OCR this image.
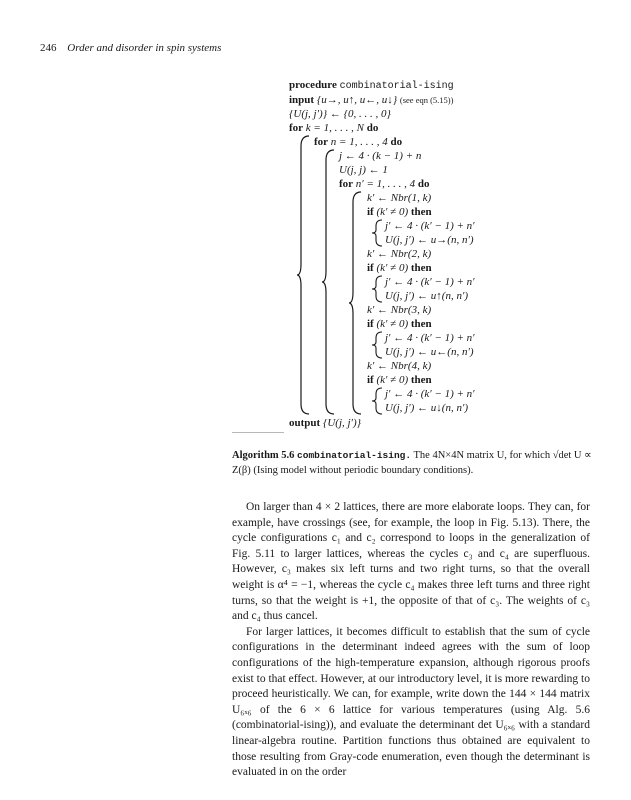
246 Order and disorder in spin systems
procedure combinatorial-ising
input {u→, u↑, u←, u↓} (see eqn (5.15))
{U(j, j′)} ← {0, . . . , 0}
for k = 1, . . . , N do
for n = 1, . . . , 4 do
j ← 4 · (k − 1) + n
U(j, j) ← 1
for n′ = 1, . . . , 4 do
k′ ← Nbr(1, k)
if (k′ ≠ 0) then
j′ ← 4 · (k′ − 1) + n′
U(j, j′) ← u→(n, n′)
k′ ← Nbr(2, k)
if (k′ ≠ 0) then
j′ ← 4 · (k′ − 1) + n′
U(j, j′) ← u↑(n, n′)
k′ ← Nbr(3, k)
if (k′ ≠ 0) then
j′ ← 4 · (k′ − 1) + n′
U(j, j′) ← u←(n, n′)
k′ ← Nbr(4, k)
if (k′ ≠ 0) then
j′ ← 4 · (k′ − 1) + n′
U(j, j′) ← u↓(n, n′)
output {U(j, j′)}
Algorithm 5.6 combinatorial-ising. The 4N×4N matrix U, for which √det U ∝ Z(β) (Ising model without periodic boundary conditions).

On larger than 4 × 2 lattices, there are more elaborate loops. They can, for example, have crossings (see, for example, the loop in Fig. 5.13). There, the cycle configurations c₁ and c₂ correspond to loops in the generalization of Fig. 5.11 to larger lattices, whereas the cycles c₃ and c₄ are superfluous. However, c₃ makes six left turns and two right turns, so that the overall weight is α⁴ = −1, whereas the cycle c₄ makes three left turns and three right turns, so that the weight is +1, the opposite of that of c₃. The weights of c₃ and c₄ thus cancel.

For larger lattices, it becomes difficult to establish that the sum of cycle configurations in the determinant indeed agrees with the sum of loop configurations of the high-temperature expansion, although rigorous proofs exist to that effect. However, at our introductory level, it is more rewarding to proceed heuristically. We can, for example, write down the 144 × 144 matrix U₆ₓ₆ of the 6 × 6 lattice for various temperatures (using Alg. 5.6 (combinatorial-ising)), and evaluate the determinant det U₆ₓ₆ with a standard linear-algebra routine. Partition functions thus obtained are equivalent to those resulting from Gray-code enumeration, even though the determinant is evaluated in on the order
